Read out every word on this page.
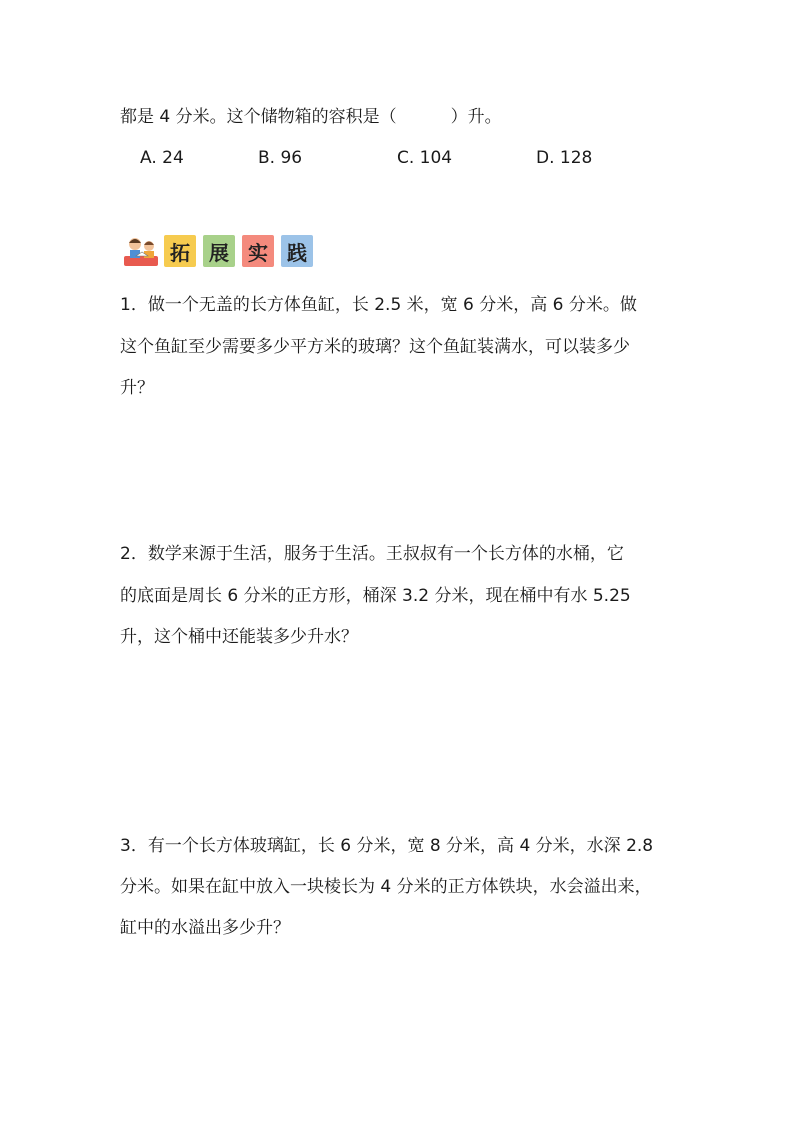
都是 4 分米。这个储物箱的容积是（          ）升。
A. 24	B. 96	C. 104	D. 128
拓 展 实 践
1．做一个无盖的长方体鱼缸，长 2.5 米，宽 6 分米，高 6 分米。做
这个鱼缸至少需要多少平方米的玻璃？这个鱼缸装满水，可以装多少
升？
2．数学来源于生活，服务于生活。王叔叔有一个长方体的水桶，它
的底面是周长 6 分米的正方形，桶深 3.2 分米，现在桶中有水 5.25
升，这个桶中还能装多少升水？
3．有一个长方体玻璃缸，长 6 分米，宽 8 分米，高 4 分米，水深 2.8
分米。如果在缸中放入一块棱长为 4 分米的正方体铁块，水会溢出来，
缸中的水溢出多少升？
